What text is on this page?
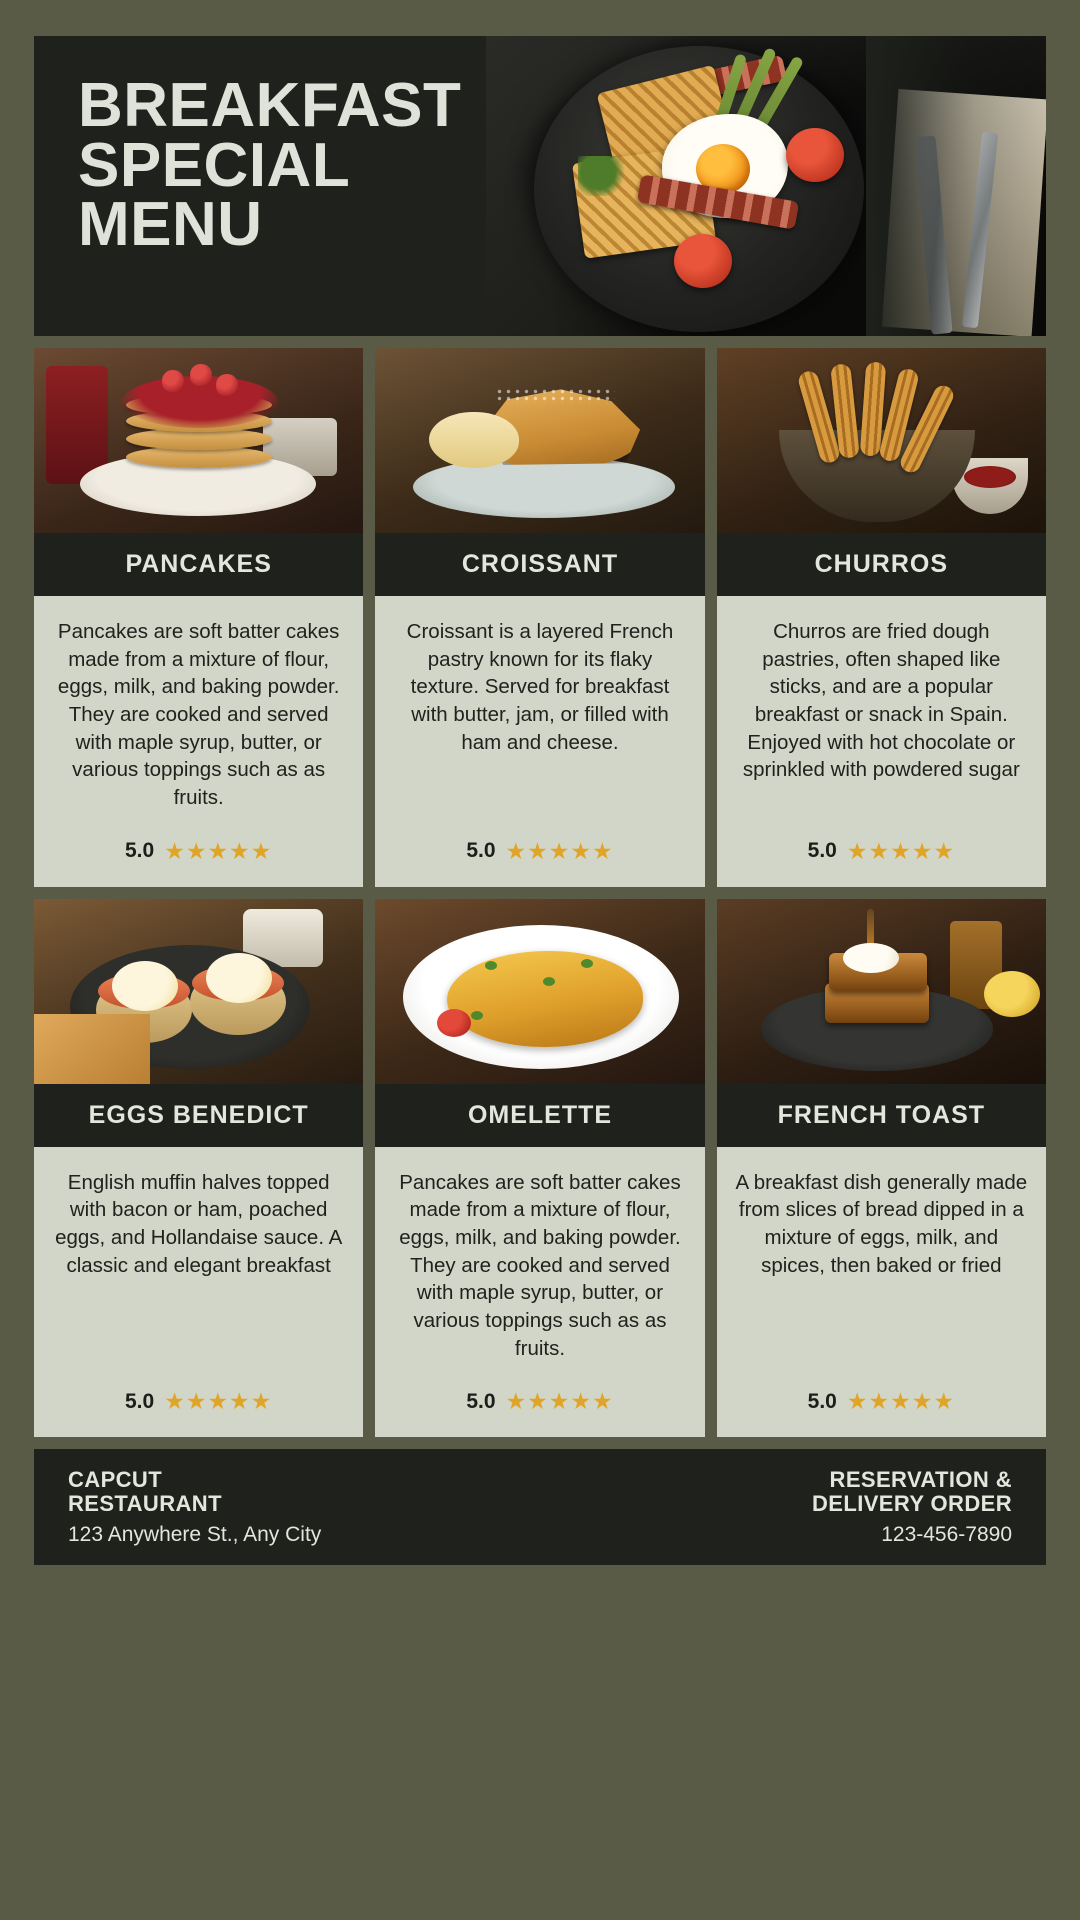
BREAKFAST
SPECIAL
MENU
PANCAKES
Pancakes are soft batter cakes made from a mixture of flour, eggs, milk, and baking powder. They are cooked and served with maple syrup, butter, or various toppings such as as fruits.
5.0 ★★★★★
CROISSANT
Croissant is a layered French pastry known for its flaky texture. Served for breakfast with butter, jam, or filled with ham and cheese.
5.0 ★★★★★
CHURROS
Churros are fried dough pastries, often shaped like sticks, and are a popular breakfast or snack in Spain. Enjoyed with hot chocolate or sprinkled with powdered sugar
5.0 ★★★★★
EGGS BENEDICT
English muffin halves topped with bacon or ham, poached eggs, and Hollandaise sauce. A classic and elegant breakfast
5.0 ★★★★★
OMELETTE
Pancakes are soft batter cakes made from a mixture of flour, eggs, milk, and baking powder. They are cooked and served with maple syrup, butter, or various toppings such as as fruits.
5.0 ★★★★★
FRENCH TOAST
A breakfast dish generally made from slices of bread dipped in a mixture of eggs, milk, and spices, then baked or fried
5.0 ★★★★★
CAPCUT
RESTAURANT
123 Anywhere St., Any City
RESERVATION &
DELIVERY ORDER
123-456-7890
